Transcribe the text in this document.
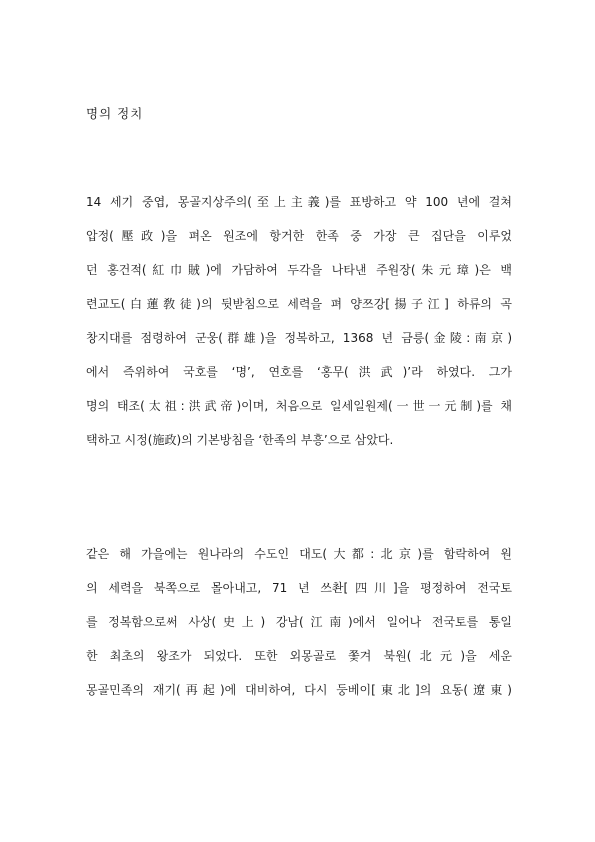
명의 정치
14 세기 중엽, 몽골지상주의(至上主義)를 표방하고 약 100 년에 걸쳐
압정(壓政)을 펴온 원조에 항거한 한족 중 가장 큰 집단을 이루었
던 홍건적(紅巾賊)에 가담하여 두각을 나타낸 주원장(朱元璋)은 백
련교도(白蓮敎徒)의 뒷받침으로 세력을 펴 양쯔강[揚子江] 하류의 곡
창지대를 점령하여 군웅(群雄)을 정복하고, 1368 년 금릉(金陵:南京)
에서 즉위하여 국호를 ‘명’, 연호를 ‘홍무(洪武)’라 하였다. 그가
명의 태조(太祖:洪武帝)이며, 처음으로 일세일원제(一世一元制)를 채
택하고 시정(施政)의 기본방침을 ‘한족의 부흥’으로 삼았다.
같은 해 가을에는 원나라의 수도인 대도(大都:北京)를 함락하여 원
의 세력을 북쪽으로 몰아내고, 71 년 쓰촨[四川]을 평정하여 전국토
를 정복함으로써 사상(史上) 강남(江南)에서 일어나 전국토를 통일
한 최초의 왕조가 되었다. 또한 외몽골로 쫓겨 북원(北元)을 세운
몽골민족의 재기(再起)에 대비하여, 다시 둥베이[東北]의 요동(遼東)
